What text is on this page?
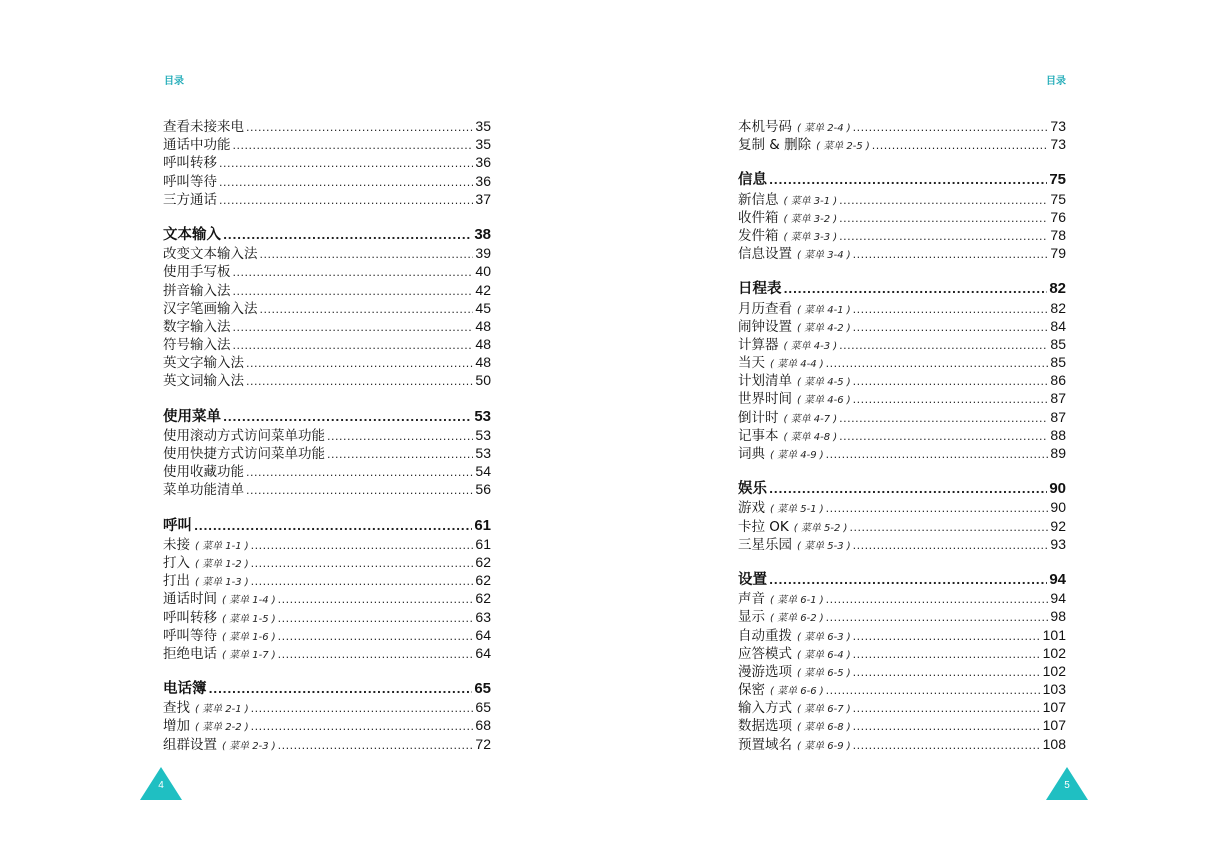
目录	目录
查看未接来电 .....	35
通话中功能 .....	35
呼叫转移 .....	36
呼叫等待 .....	36
三方通话 .....	37
文本输入 .....	38
改变文本输入法 .....	39
使用手写板 .....	40
拼音输入法 .....	42
汉字笔画输入法 .....	45
数字输入法 .....	48
符号输入法 .....	48
英文字输入法 .....	48
英文词输入法 .....	50
使用菜单 .....	53
使用滚动方式访问菜单功能 .....	53
使用快捷方式访问菜单功能 .....	53
使用收藏功能 .....	54
菜单功能清单 .....	56
呼叫 .....	61
未接 ( 菜单 1-1 ) .....	61
打入 ( 菜单 1-2 ) .....	62
打出 ( 菜单 1-3 ) .....	62
通话时间 ( 菜单 1-4 ) .....	62
呼叫转移 ( 菜单 1-5 ) .....	63
呼叫等待 ( 菜单 1-6 ) .....	64
拒绝电话 ( 菜单 1-7 ) .....	64
电话簿 .....	65
查找 ( 菜单 2-1 ) .....	65
增加 ( 菜单 2-2 ) .....	68
组群设置 ( 菜单 2-3 ) .....	72
本机号码 ( 菜单 2-4 ) .....	73
复制 & 删除 ( 菜单 2-5 ) .....	73
信息 .....	75
新信息 ( 菜单 3-1 ) .....	75
收件箱 ( 菜单 3-2 ) .....	76
发件箱 ( 菜单 3-3 ) .....	78
信息设置 ( 菜单 3-4 ) .....	79
日程表 .....	82
月历查看 ( 菜单 4-1 ) .....	82
闹钟设置 ( 菜单 4-2 ) .....	84
计算器 ( 菜单 4-3 ) .....	85
当天 ( 菜单 4-4 ) .....	85
计划清单 ( 菜单 4-5 ) .....	86
世界时间 ( 菜单 4-6 ) .....	87
倒计时 ( 菜单 4-7 ) .....	87
记事本 ( 菜单 4-8 ) .....	88
词典 ( 菜单 4-9 ) .....	89
娱乐 .....	90
游戏 ( 菜单 5-1 ) .....	90
卡拉 OK ( 菜单 5-2 ) .....	92
三星乐园 ( 菜单 5-3 ) .....	93
设置 .....	94
声音 ( 菜单 6-1 ) .....	94
显示 ( 菜单 6-2 ) .....	98
自动重拨 ( 菜单 6-3 ) .....	101
应答模式 ( 菜单 6-4 ) .....	102
漫游选项 ( 菜单 6-5 ) .....	102
保密 ( 菜单 6-6 ) .....	103
输入方式 ( 菜单 6-7 ) .....	107
数据选项 ( 菜单 6-8 ) .....	107
预置域名 ( 菜单 6-9 ) .....	108
4	5
